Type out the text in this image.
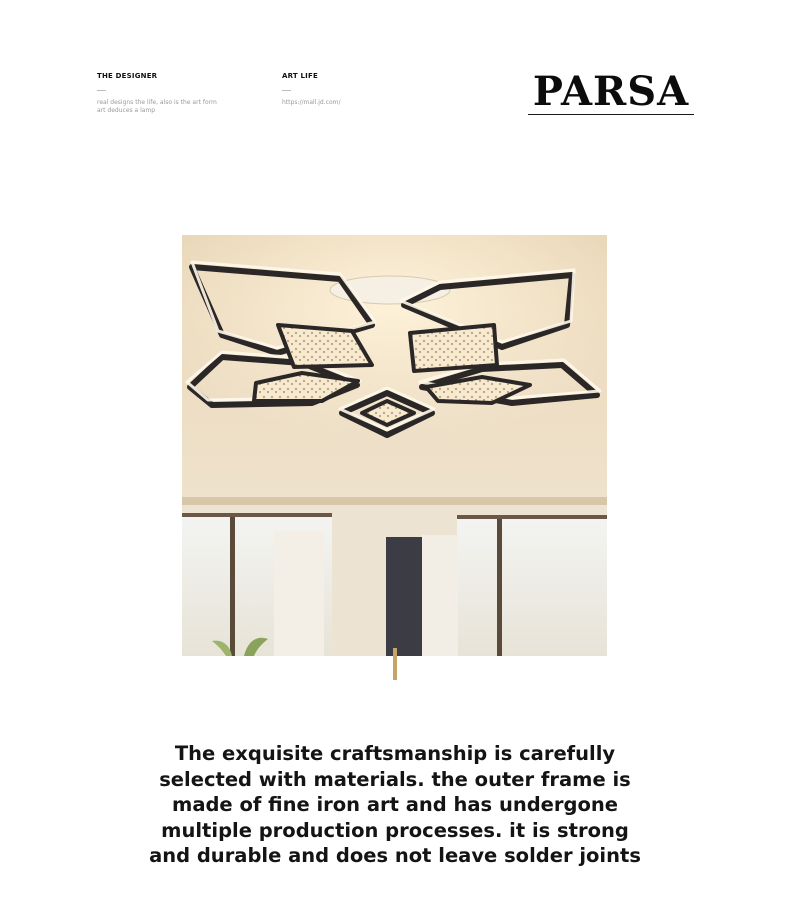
THE DESIGNER
real designs the life, also is the art form
art deduces a lamp
ART LIFE
https://mall.jd.com/	PARSA
The exquisite craftsmanship is carefully
selected with materials. the outer frame is
made of fine iron art and has undergone
multiple production processes. it is strong
and durable and does not leave solder joints
